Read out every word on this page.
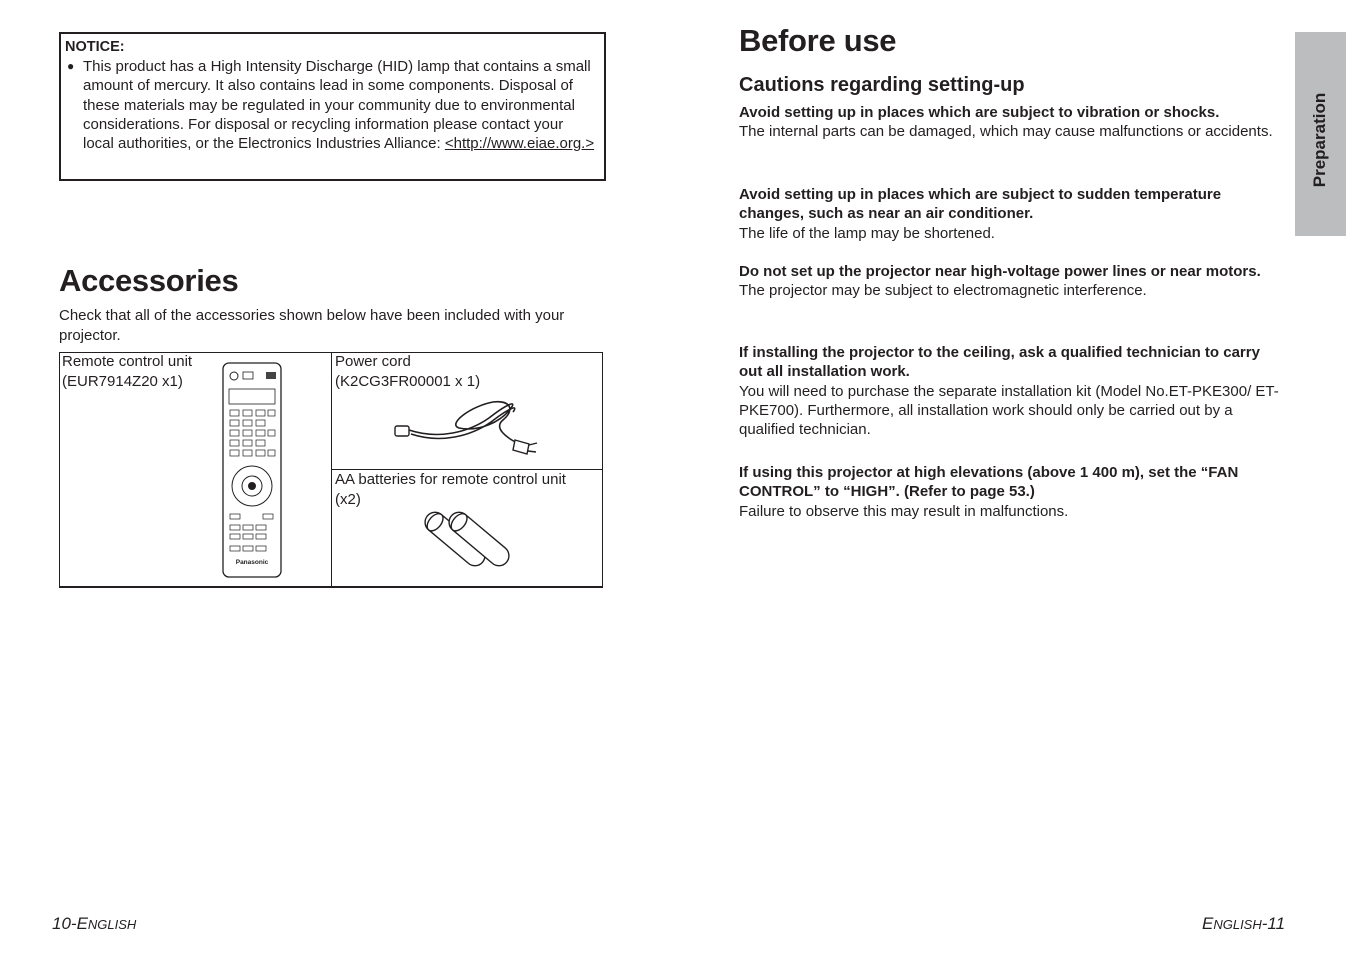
NOTICE:
● This product has a High Intensity Discharge (HID) lamp that contains a small amount of mercury. It also contains lead in some components. Disposal of these materials may be regulated in your community due to environmental considerations. For disposal or recycling information please contact your local authorities, or the Electronics Industries Alliance: <http://www.eiae.org.>
Accessories
Check that all of the accessories shown below have been included with your projector.
Remote control unit
(EUR7914Z20 x1)
Panasonic
Power cord
(K2CG3FR00001 x 1)
AA batteries for remote control unit
(x2)
Before use
Cautions regarding setting-up
Avoid setting up in places which are subject to vibration or shocks.
The internal parts can be damaged, which may cause malfunctions or accidents.
Avoid setting up in places which are subject to sudden temperature changes, such as near an air conditioner.
The life of the lamp may be shortened.
Do not set up the projector near high-voltage power lines or near motors.
The projector may be subject to electromagnetic interference.
If installing the projector to the ceiling, ask a qualified technician to carry out all installation work.
You will need to purchase the separate installation kit (Model No.ET-PKE300/ ET-PKE700). Furthermore, all installation work should only be carried out by a qualified technician.
If using this projector at high elevations (above 1 400 m), set the “FAN CONTROL” to “HIGH”. (Refer to page 53.)
Failure to observe this may result in malfunctions.
Preparation
10-ENGLISH	ENGLISH-11
